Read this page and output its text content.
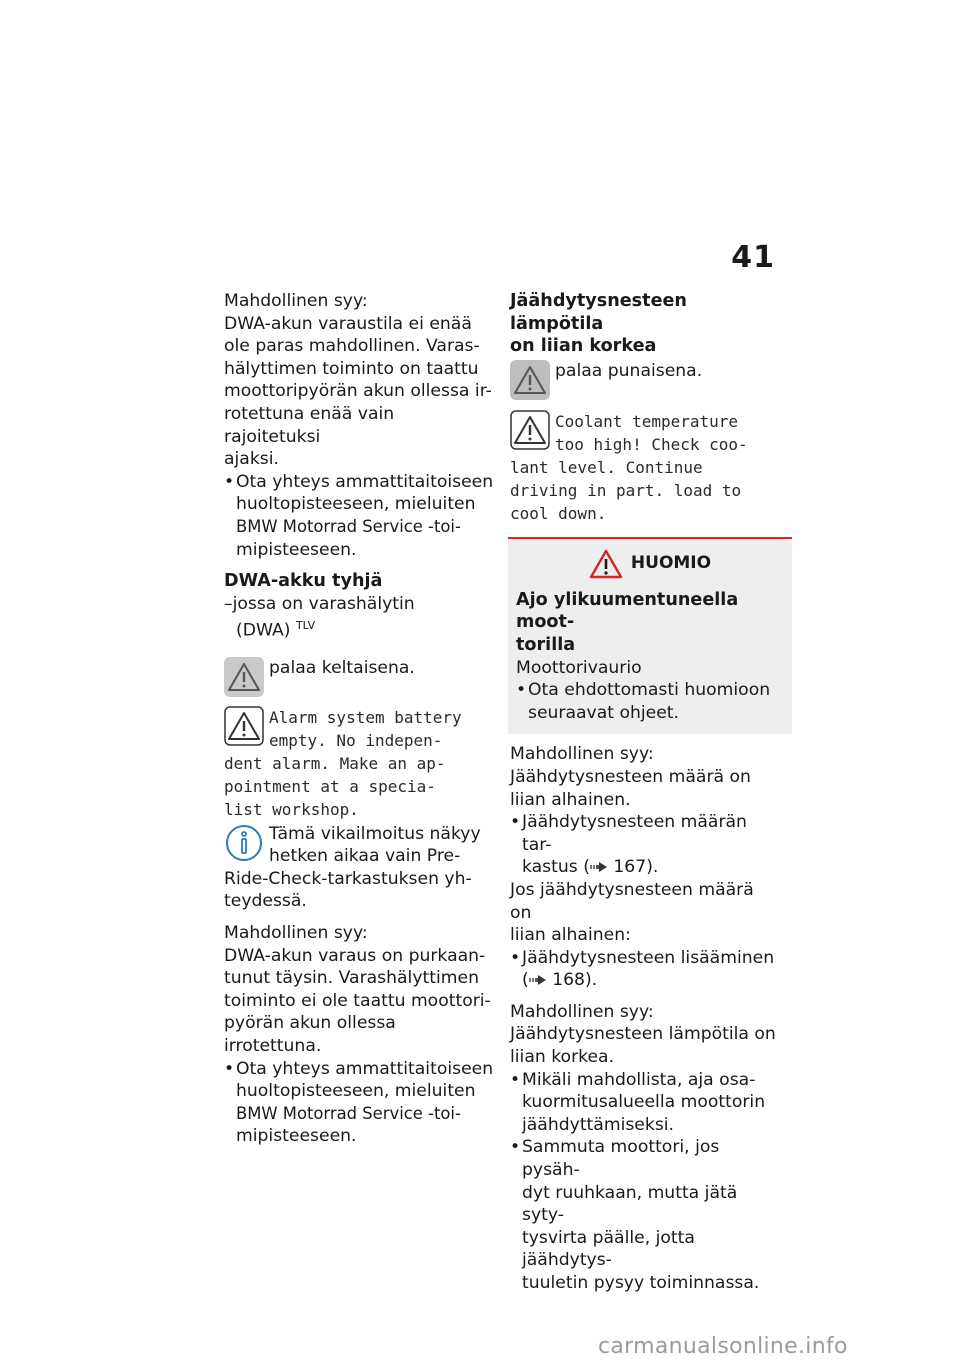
41

Mahdollinen syy:

DWA-akun varaustila ei enää

ole paras mahdollinen. Varas-

hälyttimen toiminto on taattu

moottoripyörän akun ollessa ir-

rotettuna enää vain rajoitetuksi

ajaksi.

• Ota yhteys ammattitaitoiseen

huoltopisteeseen, mieluiten

BMW Motorrad Service -toi-

mipisteeseen.

DWA-akku tyhjä

–jossa on varashälytin

(DWA) $^{TLV}$

palaa keltaisena.

Alarm system battery

empty. No indepen-

dent alarm. Make an ap-

pointment at a specia-

list workshop.

Tämä vikailmoitus näkyy

hetken aikaa vain Pre-

Ride-Check-tarkastuksen yh-

teydessä.

Mahdollinen syy:

DWA-akun varaus on purkaan-

tunut täysin. Varashälyttimen

toiminto ei ole taattu moottori-

pyörän akun ollessa irrotettuna.

• Ota yhteys ammattitaitoiseen

huoltopisteeseen, mieluiten

BMW Motorrad Service -toi-

mipisteeseen.

Jäähdytysnesteen lämpötila

on liian korkea

palaa punaisena.

Coolant temperature

too high! Check coo-

lant level. Continue

driving in part. load to

cool down.

HUOMIO

Ajo ylikuumentuneella moot-

torilla

Moottorivaurio

• Ota ehdottomasti huomioon

seuraavat ohjeet.

Mahdollinen syy:

Jäähdytysnesteen määrä on

liian alhainen.

• Jäähdytysnesteen määrän tar-

kastus ( 167).

Jos jäähdytysnesteen määrä on

liian alhainen:

• Jäähdytysnesteen lisääminen

( 168).

Mahdollinen syy:

Jäähdytysnesteen lämpötila on

liian korkea.

• Mikäli mahdollista, aja osa-

kuormitusalueella moottorin

jäähdyttämiseksi.

• Sammuta moottori, jos pysäh-

dyt ruuhkaan, mutta jätä syty-

tysvirta päälle, jotta jäähdytys-

tuuletin pysyy toiminnassa.

carmanualsonline.info
